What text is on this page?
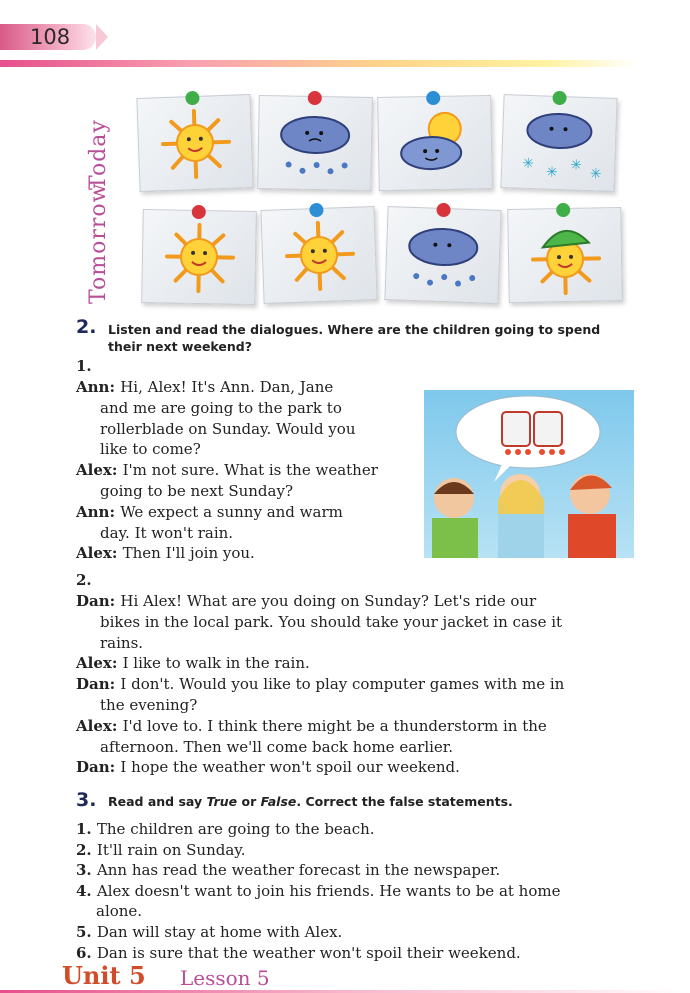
108
Today
Tomorrow
✳
✳ ✳
✳
2. Listen and read the dialogues. Where are the children going to spend
their next weekend?
1.
Ann: Hi, Alex! It's Ann. Dan, Jane
and me are going to the park to
rollerblade on Sunday. Would you
like to come?
Alex: I'm not sure. What is the weather
going to be next Sunday?
Ann: We expect a sunny and warm
day. It won't rain.
Alex: Then I'll join you.
2.
Dan: Hi Alex! What are you doing on Sunday? Let's ride our
bikes in the local park. You should take your jacket in case it
rains.
Alex: I like to walk in the rain.
Dan: I don't. Would you like to play computer games with me in
the evening?
Alex: I'd love to. I think there might be a thunderstorm in the
afternoon. Then we'll come back home earlier.
Dan: I hope the weather won't spoil our weekend.
3. Read and say True or False. Correct the false statements.
1. The children are going to the beach.
2. It'll rain on Sunday.
3. Ann has read the weather forecast in the newspaper.
4. Alex doesn't want to join his friends. He wants to be at home
alone.
5. Dan will stay at home with Alex.
6. Dan is sure that the weather won't spoil their weekend.
Unit 5 Lesson 5
